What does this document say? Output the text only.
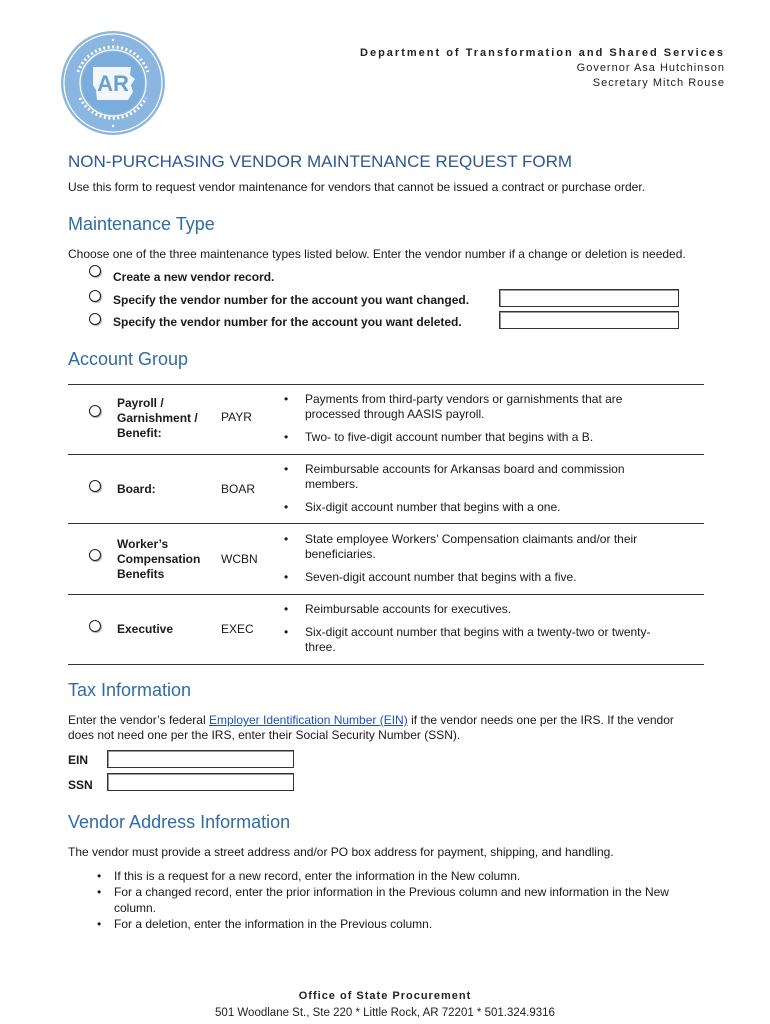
AR
Department of Transformation and Shared Services
Governor Asa Hutchinson
Secretary Mitch Rouse
NON-PURCHASING VENDOR MAINTENANCE REQUEST FORM

Use this form to request vendor maintenance for vendors that cannot be issued a contract or purchase order.

Maintenance Type

Choose one of the three maintenance types listed below. Enter the vendor number if a change or deletion is needed.

Create a new vendor record.
Specify the vendor number for the account you want changed.
Specify the vendor number for the account you want deleted.
Account Group
Payroll / Garnishment / Benefit:
PAYR
• Payments from third-party vendors or garnishments that are processed through AASIS payroll.
• Two- to five-digit account number that begins with a B.
Board:	BOAR
• Reimbursable accounts for Arkansas board and commission members.
• Six-digit account number that begins with a one.
Worker’s Compensation Benefits
WCBN
• State employee Workers’ Compensation claimants and/or their beneficiaries.
• Seven-digit account number that begins with a five.
Executive	EXEC
• Reimbursable accounts for executives.
• Six-digit account number that begins with a twenty-two or twenty-three.
Tax Information

Enter the vendor’s federal Employer Identification Number (EIN) if the vendor needs one per the IRS. If the vendor does not need one per the IRS, enter their Social Security Number (SSN).

EIN
SSN
Vendor Address Information

The vendor must provide a street address and/or PO box address for payment, shipping, and handling.

• If this is a request for a new record, enter the information in the New column.
• For a changed record, enter the prior information in the Previous column and new information in the New column.
• For a deletion, enter the information in the Previous column.
Office of State Procurement
501 Woodlane St., Ste 220 * Little Rock, AR 72201 * 501.324.9316
